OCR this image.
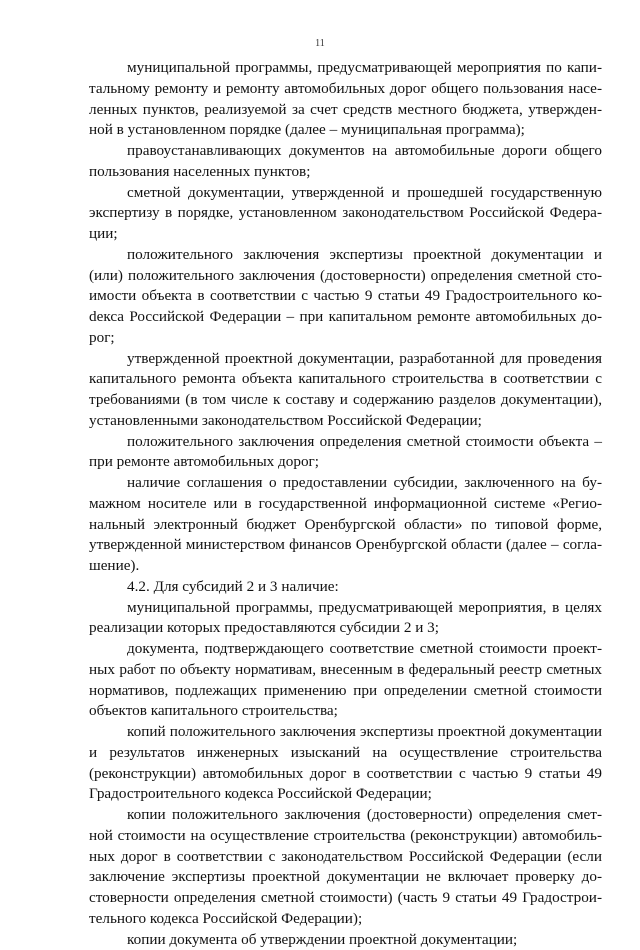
11

муниципальной программы, предусматривающей мероприятия по капитальному ремонту и ремонту автомобильных дорог общего пользования населенных пунктов, реализуемой за счет средств местного бюджета, утвержденной в установленном порядке (далее – муниципальная программа);

правоустанавливающих документов на автомобильные дороги общего пользования населенных пунктов;

сметной документации, утвержденной и прошедшей государственную экспертизу в порядке, установленном законодательством Российской Федерации;

положительного заключения экспертизы проектной документации и (или) положительного заключения (достоверности) определения сметной стоимости объекта в соответствии с частью 9 статьи 49 Градостроительного коdекса Российской Федерации – при капитальном ремонте автомобильных дорог;

утвержденной проектной документации, разработанной для проведения капитального ремонта объекта капитального строительства в соответствии с требованиями (в том числе к составу и содержанию разделов документации), установленными законодательством Российской Федерации;

положительного заключения определения сметной стоимости объекта – при ремонте автомобильных дорог;

наличие соглашения о предоставлении субсидии, заключенного на бумажном носителе или в государственной информационной системе «Региональный электронный бюджет Оренбургской области» по типовой форме, утвержденной министерством финансов Оренбургской области (далее – соглашение).

4.2. Для субсидий 2 и 3 наличие:

муниципальной программы, предусматривающей мероприятия, в целях реализации которых предоставляются субсидии 2 и 3;

документа, подтверждающего соответствие сметной стоимости проектных работ по объекту нормативам, внесенным в федеральный реестр сметных нормативов, подлежащих применению при определении сметной стоимости объектов капитального строительства;

копий положительного заключения экспертизы проектной документации и результатов инженерных изысканий на осуществление строительства (реконструкции) автомобильных дорог в соответствии с частью 9 статьи 49 Градостроительного кодекса Российской Федерации;

копии положительного заключения (достоверности) определения сметной стоимости на осуществление строительства (реконструкции) автомобильных дорог в соответствии с законодательством Российской Федерации (если заключение экспертизы проектной документации не включает проверку достоверности определения сметной стоимости) (часть 9 статьи 49 Градостроительного кодекса Российской Федерации);

копии документа об утверждении проектной документации;
